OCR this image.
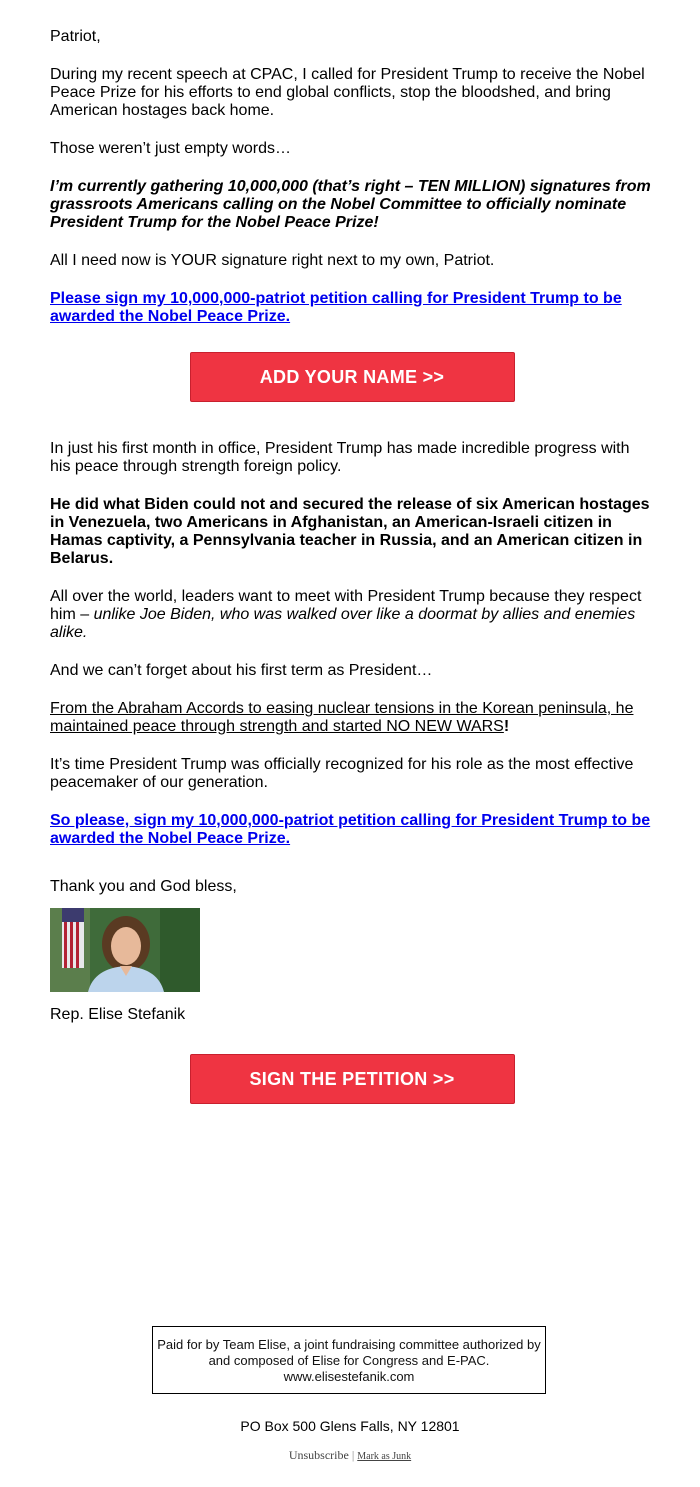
Patriot,

During my recent speech at CPAC, I called for President Trump to receive the Nobel Peace Prize for his efforts to end global conflicts, stop the bloodshed, and bring American hostages back home.

Those weren’t just empty words…

I’m currently gathering 10,000,000 (that’s right – TEN MILLION) signatures from grassroots Americans calling on the Nobel Committee to officially nominate President Trump for the Nobel Peace Prize!

All I need now is YOUR signature right next to my own, Patriot.

Please sign my 10,000,000-patriot petition calling for President Trump to be awarded the Nobel Peace Prize.

ADD YOUR NAME >>

In just his first month in office, President Trump has made incredible progress with his peace through strength foreign policy.

He did what Biden could not and secured the release of six American hostages in Venezuela, two Americans in Afghanistan, an American-Israeli citizen in Hamas captivity, a Pennsylvania teacher in Russia, and an American citizen in Belarus.

All over the world, leaders want to meet with President Trump because they respect him – unlike Joe Biden, who was walked over like a doormat by allies and enemies alike.

And we can’t forget about his first term as President…

From the Abraham Accords to easing nuclear tensions in the Korean peninsula, he maintained peace through strength and started NO NEW WARS!

It’s time President Trump was officially recognized for his role as the most effective peacemaker of our generation.

So please, sign my 10,000,000-patriot petition calling for President Trump to be awarded the Nobel Peace Prize.

Thank you and God bless,

Rep. Elise Stefanik

SIGN THE PETITION >>
Paid for by Team Elise, a joint fundraising committee authorized by and composed of Elise for Congress and E-PAC. www.elisestefanik.com
PO Box 500 Glens Falls, NY 12801
Unsubscribe | Mark as Junk
